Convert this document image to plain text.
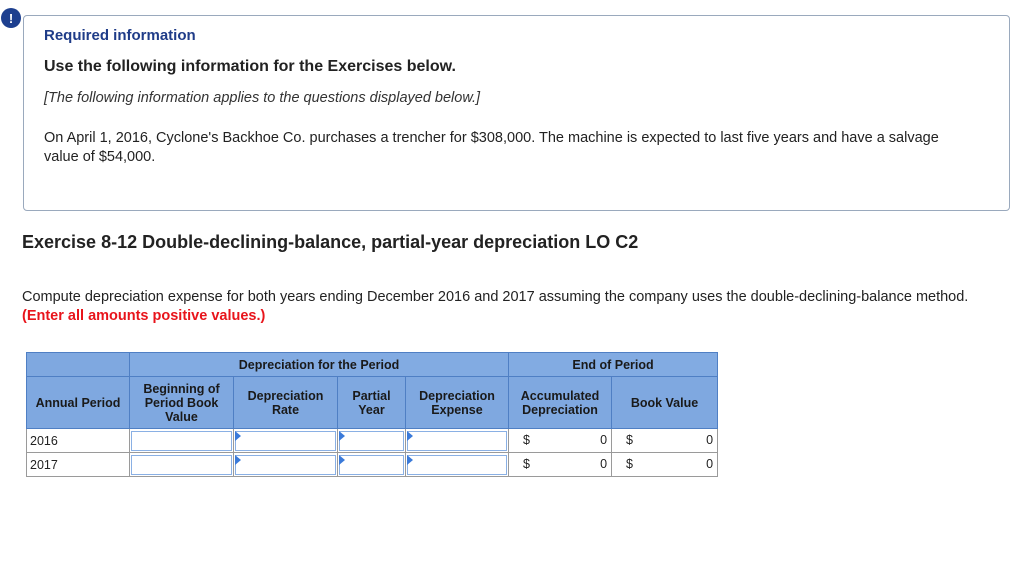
!
Required information
Use the following information for the Exercises below.
[The following information applies to the questions displayed below.]
On April 1, 2016, Cyclone's Backhoe Co. purchases a trencher for $308,000. The machine is expected to last five years and have a salvage value of $54,000.
Exercise 8-12 Double-declining-balance, partial-year depreciation LO C2
Compute depreciation expense for both years ending December 2016 and 2017 assuming the company uses the double-declining-balance method. (Enter all amounts positive values.)
	Depreciation for the Period				End of Period	
Annual Period	Beginning of Period Book Value	Depreciation Rate	Partial Year	Depreciation Expense	Accumulated Depreciation	Book Value
2016					$ 0	$ 0

2017					$ 0	$ 0
